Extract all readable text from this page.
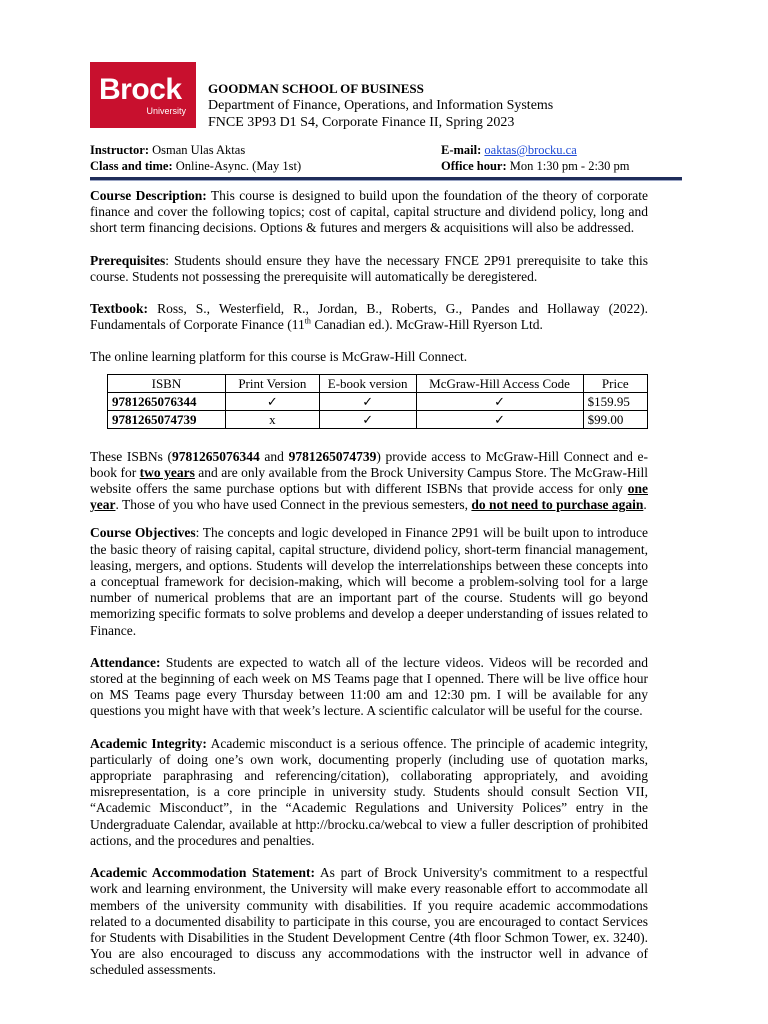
Brock
University
GOODMAN SCHOOL OF BUSINESS
Department of Finance, Operations, and Information Systems
FNCE 3P93 D1 S4, Corporate Finance II, Spring 2023
Instructor: Osman Ulas Aktas
Class and time: Online-Async. (May 1st)
E-mail: oaktas@brocku.ca
Office hour: Mon 1:30 pm - 2:30 pm

Course Description: This course is designed to build upon the foundation of the theory of corporate finance and cover the following topics; cost of capital, capital structure and dividend policy, long and short term financing decisions. Options & futures and mergers & acquisitions will also be addressed.

Prerequisites: Students should ensure they have the necessary FNCE 2P91 prerequisite to take this course. Students not possessing the prerequisite will automatically be deregistered.

Textbook: Ross, S., Westerfield, R., Jordan, B., Roberts, G., Pandes and Hollaway (2022). Fundamentals of Corporate Finance (11th Canadian ed.). McGraw-Hill Ryerson Ltd.

The online learning platform for this course is McGraw-Hill Connect.

ISBN	Print Version	E-book version	McGraw-Hill Access Code	Price
9781265076344	✓	✓	✓	$159.95
9781265074739	x	✓	✓	$99.00

These ISBNs (9781265076344 and 9781265074739) provide access to McGraw-Hill Connect and e-book for two years and are only available from the Brock University Campus Store. The McGraw-Hill website offers the same purchase options but with different ISBNs that provide access for only one year. Those of you who have used Connect in the previous semesters, do not need to purchase again.

Course Objectives: The concepts and logic developed in Finance 2P91 will be built upon to introduce the basic theory of raising capital, capital structure, dividend policy, short-term financial management, leasing, mergers, and options. Students will develop the interrelationships between these concepts into a conceptual framework for decision-making, which will become a problem-solving tool for a large number of numerical problems that are an important part of the course. Students will go beyond memorizing specific formats to solve problems and develop a deeper understanding of issues related to Finance.

Attendance: Students are expected to watch all of the lecture videos. Videos will be recorded and stored at the beginning of each week on MS Teams page that I openned. There will be live office hour on MS Teams page every Thursday between 11:00 am and 12:30 pm. I will be available for any questions you might have with that week’s lecture. A scientific calculator will be useful for the course.

Academic Integrity: Academic misconduct is a serious offence. The principle of academic integrity, particularly of doing one’s own work, documenting properly (including use of quotation marks, appropriate paraphrasing and referencing/citation), collaborating appropriately, and avoiding misrepresentation, is a core principle in university study. Students should consult Section VII, “Academic Misconduct”, in the “Academic Regulations and University Polices” entry in the Undergraduate Calendar, available at http://brocku.ca/webcal to view a fuller description of prohibited actions, and the procedures and penalties.

Academic Accommodation Statement: As part of Brock University's commitment to a respectful work and learning environment, the University will make every reasonable effort to accommodate all members of the university community with disabilities. If you require academic accommodations related to a documented disability to participate in this course, you are encouraged to contact Services for Students with Disabilities in the Student Development Centre (4th floor Schmon Tower, ex. 3240). You are also encouraged to discuss any accommodations with the instructor well in advance of scheduled assessments.
